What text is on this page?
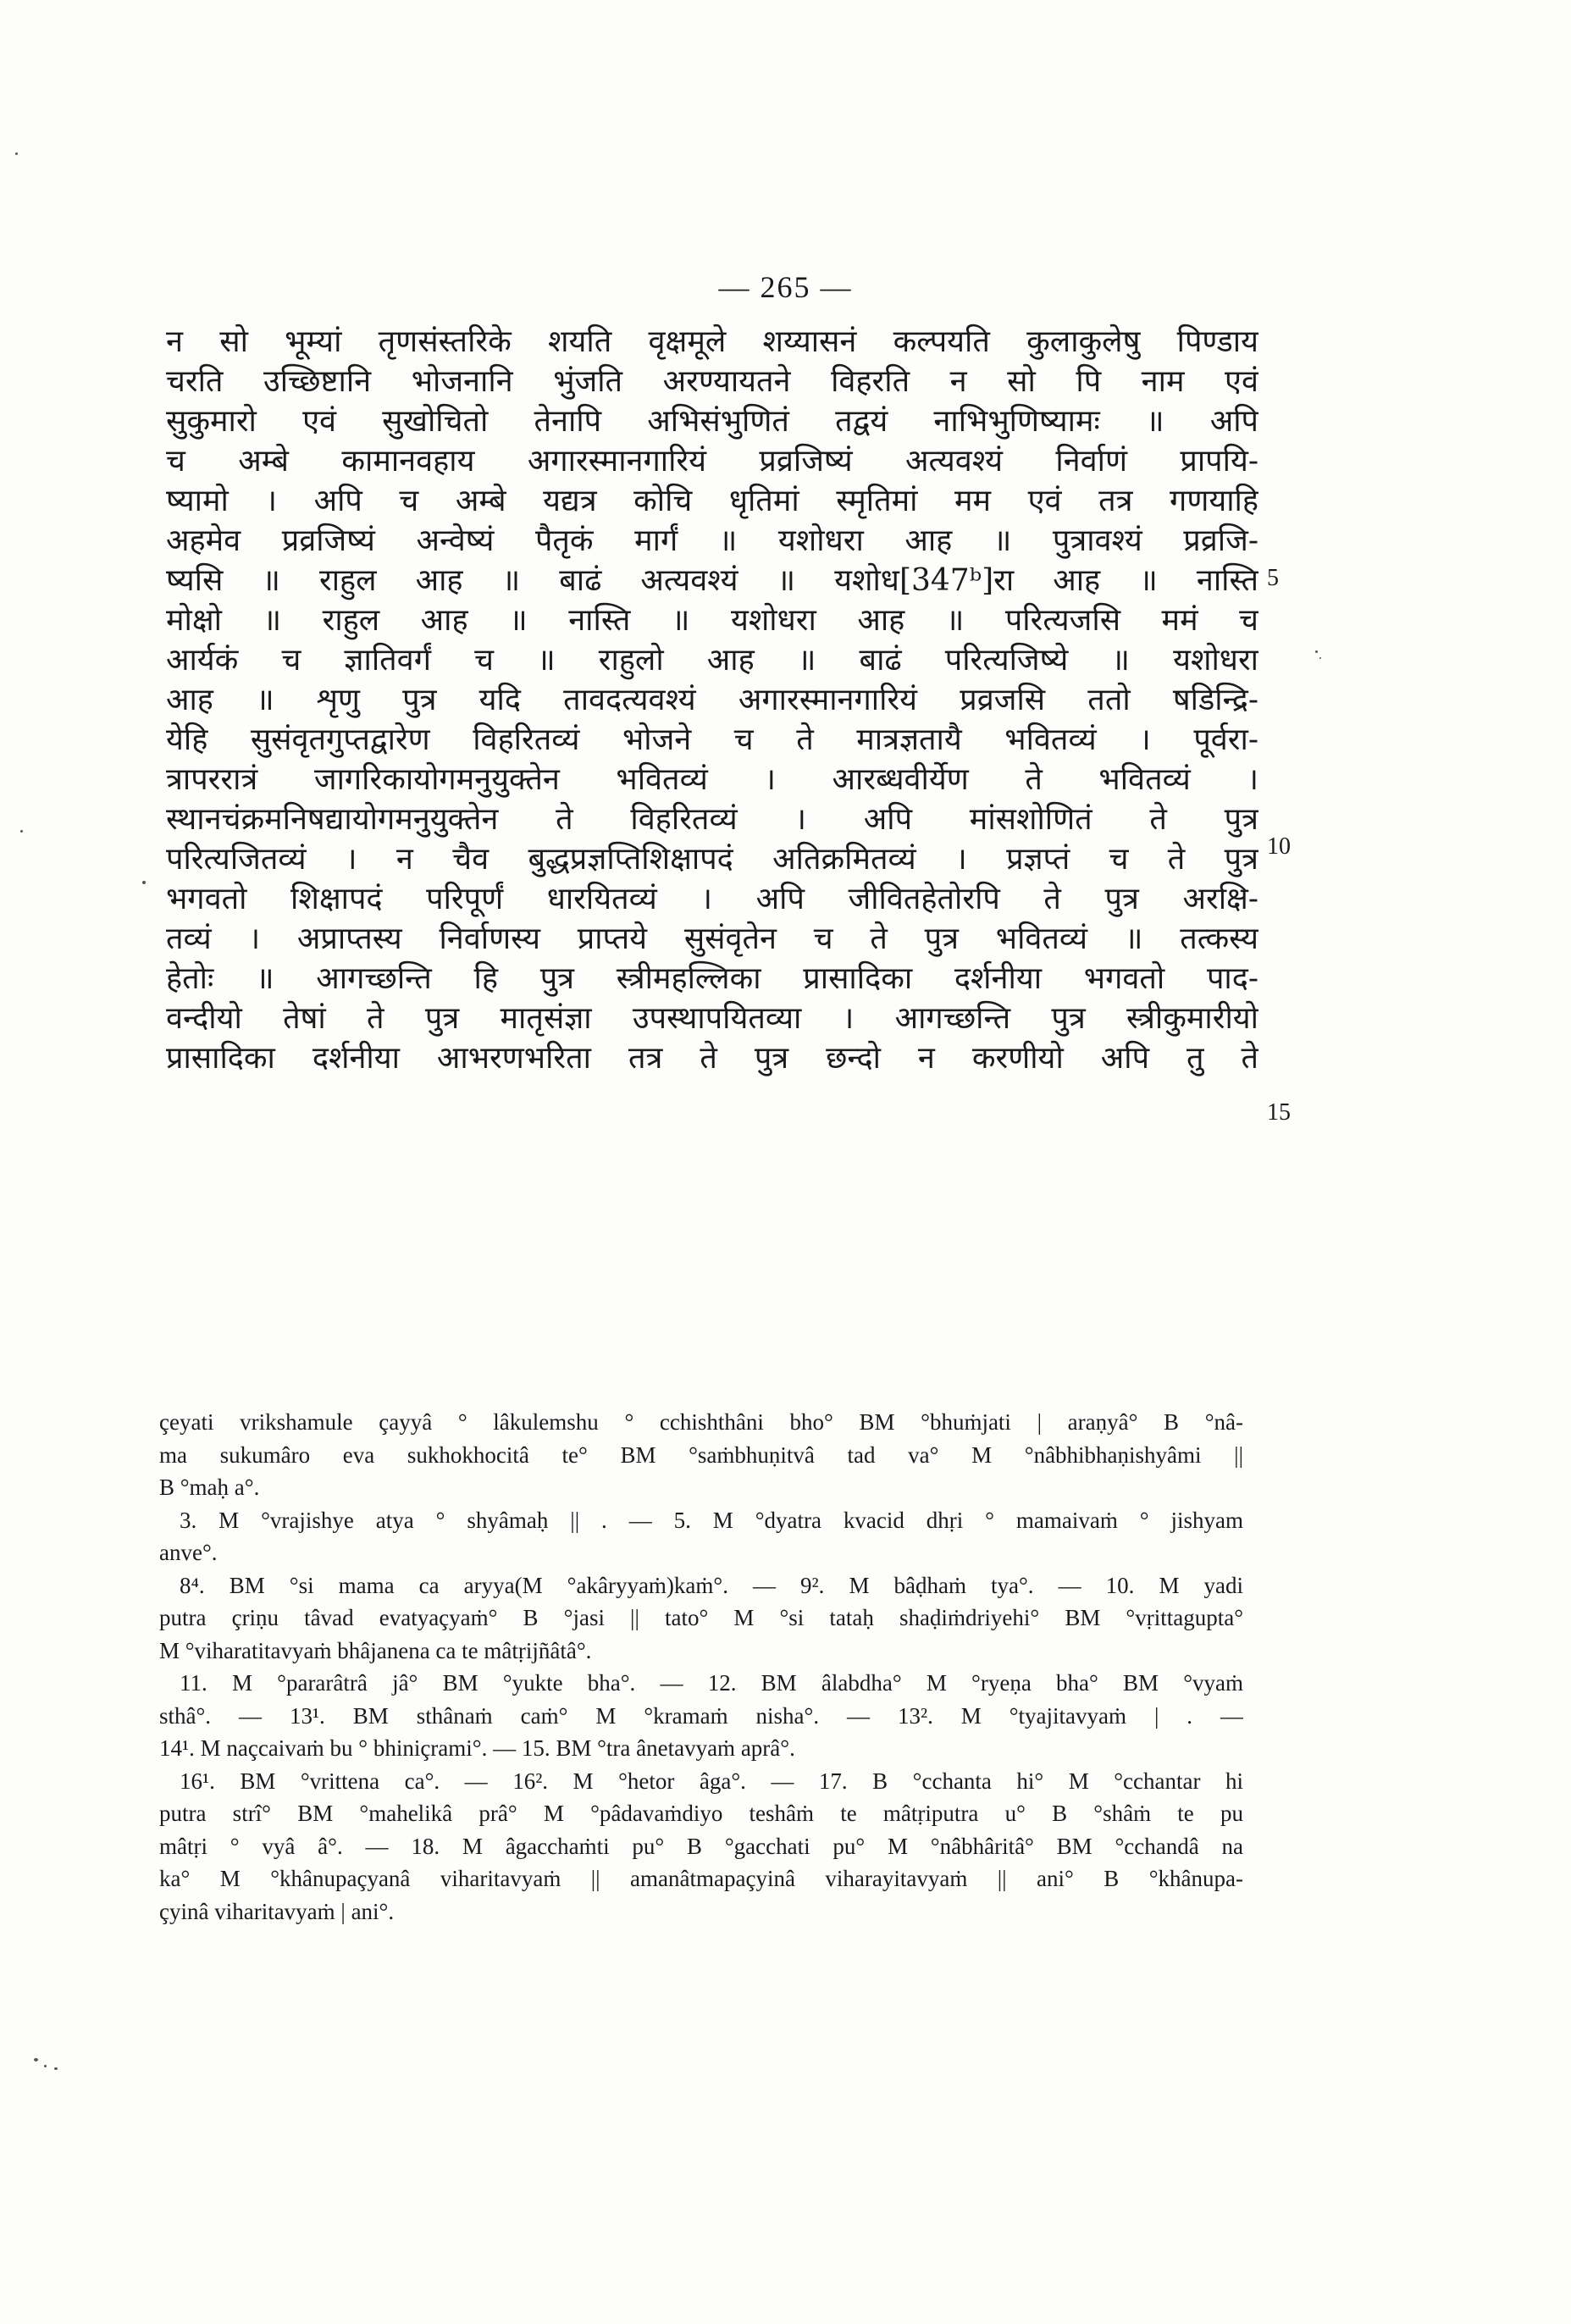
— 265 —
न सो भूम्यां तृणसंस्तरिके शयति वृक्षमूले शय्यासनं कल्पयति कुलाकुलेषु पिण्डाय
चरति उच्छिष्टानि भोजनानि भुंजति अरण्यायतने विहरति न सो पि नाम एवं
सुकुमारो एवं सुखोचितो तेनापि अभिसंभुणितं तद्वयं नाभिभुणिष्यामः ॥ अपि
च अम्बे कामानवहाय अगारस्मानगारियं प्रव्रजिष्यं अत्यवश्यं निर्वाणं प्रापयि-
ष्यामो । अपि च अम्बे यद्यत्र कोचि धृतिमां स्मृतिमां मम एवं तत्र गणयाहि
अहमेव प्रव्रजिष्यं अन्वेष्यं पैतृकं मार्गं ॥ यशोधरा आह ॥ पुत्रावश्यं प्रव्रजि-
ष्यसि ॥ राहुल आह ॥ बाढं अत्यवश्यं ॥ यशोध[347ᵇ]रा आह ॥ नास्ति
मोक्षो ॥ राहुल आह ॥ नास्ति ॥ यशोधरा आह ॥ परित्यजसि ममं च
आर्यकं च ज्ञातिवर्गं च ॥ राहुलो आह ॥ बाढं परित्यजिष्ये ॥ यशोधरा
आह ॥ शृणु पुत्र यदि तावदत्यवश्यं अगारस्मानगारियं प्रव्रजसि ततो षडिन्द्रि-
येहि सुसंवृतगुप्तद्वारेण विहरितव्यं भोजने च ते मात्रज्ञतायै भवितव्यं । पूर्वरा-
त्रापररात्रं जागरिकायोगमनुयुक्तेन भवितव्यं । आरब्धवीर्येण ते भवितव्यं ।
स्थानचंक्रमनिषद्यायोगमनुयुक्तेन ते विहरितव्यं । अपि मांसशोणितं ते पुत्र
परित्यजितव्यं । न चैव बुद्धप्रज्ञप्तिशिक्षापदं अतिक्रमितव्यं । प्रज्ञप्तं च ते पुत्र
भगवतो शिक्षापदं परिपूर्णं धारयितव्यं । अपि जीवितहेतोरपि ते पुत्र अरक्षि-
तव्यं । अप्राप्तस्य निर्वाणस्य प्राप्तये सुसंवृतेन च ते पुत्र भवितव्यं ॥ तत्कस्य
हेतोः ॥ आगच्छन्ति हि पुत्र स्त्रीमहल्लिका प्रासादिका दर्शनीया भगवतो पाद-
वन्दीयो तेषां ते पुत्र मातृसंज्ञा उपस्थापयितव्या । आगच्छन्ति पुत्र स्त्रीकुमारीयो
प्रासादिका दर्शनीया आभरणभरिता तत्र ते पुत्र छन्दो न करणीयो अपि तु ते
5
10
15
çeyati vrikshamule çayyâ ° lâkulemshu ° cchishthâni bho° BM °bhuṁjati | araṇyâ° B °nâ-
ma sukumâro eva sukhokhocitâ te° BM °saṁbhuṇitvâ tad va° M °nâbhibhaṇishyâmi ||
B °maḥ a°.
3. M °vrajishye atya ° shyâmaḥ || . — 5. M °dyatra kvacid dhṛi ° mamaivaṁ ° jishyam
anve°.
8⁴. BM °si mama ca aryya(M °akâryyaṁ)kaṁ°. — 9². M bâḍhaṁ tya°. — 10. M yadi
putra çriṇu tâvad evatyaçyaṁ° B °jasi || tato° M °si tataḥ shaḍiṁdriyehi° BM °vṛittagupta°
M °viharatitavyaṁ bhâjanena ca te mâtṛijñâtâ°.
11. M °pararâtrâ jâ° BM °yukte bha°. — 12. BM âlabdha° M °ryeṇa bha° BM °vyaṁ
sthâ°. — 13¹. BM sthânaṁ caṁ° M °kramaṁ nisha°. — 13². M °tyajitavyaṁ | . —
14¹. M naçcaivaṁ bu ° bhiniçrami°. — 15. BM °tra ânetavyaṁ aprâ°.
16¹. BM °vrittena ca°. — 16². M °hetor âga°. — 17. B °cchanta hi° M °cchantar hi
putra strî° BM °mahelikâ prâ° M °pâdavaṁdiyo teshâṁ te mâtṛiputra u° B °shâṁ te pu
mâtṛi ° vyâ â°. — 18. M âgacchaṁti pu° B °gacchati pu° M °nâbhâritâ° BM °cchandâ na
ka° M °khânupaçyanâ viharitavyaṁ || amanâtmapaçyinâ viharayitavyaṁ || ani° B °khânupa-
çyinâ viharitavyaṁ | ani°.
